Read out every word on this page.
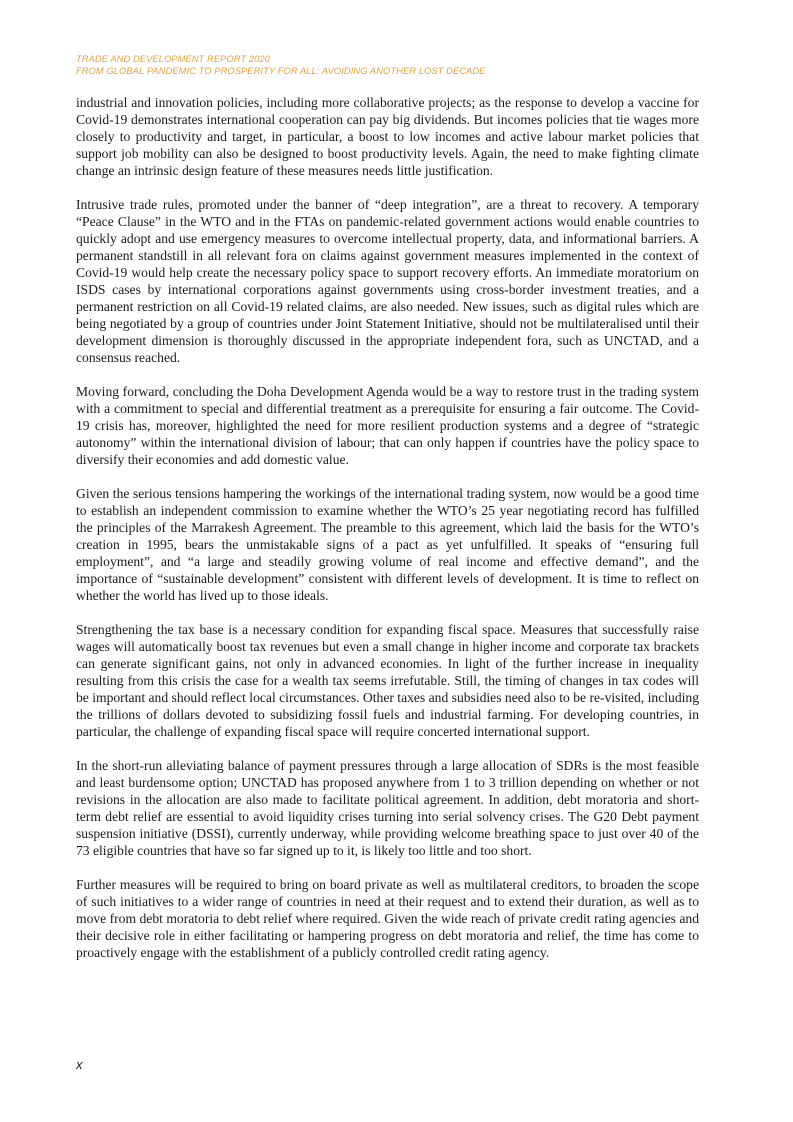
TRADE AND DEVELOPMENT REPORT 2020
FROM GLOBAL PANDEMIC TO PROSPERITY FOR ALL: AVOIDING ANOTHER LOST DECADE

industrial and innovation policies, including more collaborative projects; as the response to develop a vaccine for Covid-19 demonstrates international cooperation can pay big dividends. But incomes policies that tie wages more closely to productivity and target, in particular, a boost to low incomes and active labour market policies that support job mobility can also be designed to boost productivity levels. Again, the need to make fighting climate change an intrinsic design feature of these measures needs little justification.

Intrusive trade rules, promoted under the banner of “deep integration”, are a threat to recovery. A temporary “Peace Clause” in the WTO and in the FTAs on pandemic-related government actions would enable countries to quickly adopt and use emergency measures to overcome intellectual property, data, and informational barriers. A permanent standstill in all relevant fora on claims against government measures implemented in the context of Covid-19 would help create the necessary policy space to support recovery efforts. An immediate moratorium on ISDS cases by international corporations against governments using cross-border investment treaties, and a permanent restriction on all Covid-19 related claims, are also needed. New issues, such as digital rules which are being negotiated by a group of countries under Joint Statement Initiative, should not be multilateralised until their development dimension is thoroughly discussed in the appropriate independent fora, such as UNCTAD, and a consensus reached.

Moving forward, concluding the Doha Development Agenda would be a way to restore trust in the trading system with a commitment to special and differential treatment as a prerequisite for ensuring a fair outcome. The Covid-19 crisis has, moreover, highlighted the need for more resilient production systems and a degree of “strategic autonomy” within the international division of labour; that can only happen if countries have the policy space to diversify their economies and add domestic value.

Given the serious tensions hampering the workings of the international trading system, now would be a good time to establish an independent commission to examine whether the WTO’s 25 year negotiating record has fulfilled the principles of the Marrakesh Agreement. The preamble to this agreement, which laid the basis for the WTO’s creation in 1995, bears the unmistakable signs of a pact as yet unfulfilled. It speaks of “ensuring full employment”, and “a large and steadily growing volume of real income and effective demand”, and the importance of “sustainable development” consistent with different levels of development. It is time to reflect on whether the world has lived up to those ideals.

Strengthening the tax base is a necessary condition for expanding fiscal space. Measures that successfully raise wages will automatically boost tax revenues but even a small change in higher income and corporate tax brackets can generate significant gains, not only in advanced economies. In light of the further increase in inequality resulting from this crisis the case for a wealth tax seems irrefutable. Still, the timing of changes in tax codes will be important and should reflect local circumstances. Other taxes and subsidies need also to be re-visited, including the trillions of dollars devoted to subsidizing fossil fuels and industrial farming. For developing countries, in particular, the challenge of expanding fiscal space will require concerted international support.

In the short-run alleviating balance of payment pressures through a large allocation of SDRs is the most feasible and least burdensome option; UNCTAD has proposed anywhere from 1 to 3 trillion depending on whether or not revisions in the allocation are also made to facilitate political agreement. In addition, debt moratoria and short-term debt relief are essential to avoid liquidity crises turning into serial solvency crises. The G20 Debt payment suspension initiative (DSSI), currently underway, while providing welcome breathing space to just over 40 of the 73 eligible countries that have so far signed up to it, is likely too little and too short.

Further measures will be required to bring on board private as well as multilateral creditors, to broaden the scope of such initiatives to a wider range of countries in need at their request and to extend their duration, as well as to move from debt moratoria to debt relief where required. Given the wide reach of private credit rating agencies and their decisive role in either facilitating or hampering progress on debt moratoria and relief, the time has come to proactively engage with the establishment of a publicly controlled credit rating agency.

x
